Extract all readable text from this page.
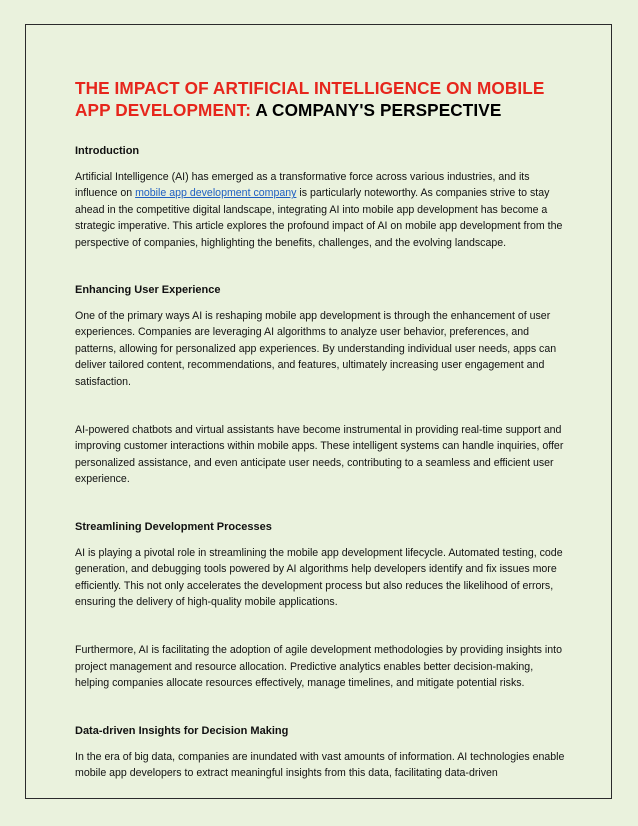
THE IMPACT OF ARTIFICIAL INTELLIGENCE ON MOBILE APP DEVELOPMENT: A COMPANY'S PERSPECTIVE
Introduction

Artificial Intelligence (AI) has emerged as a transformative force across various industries, and its influence on mobile app development company is particularly noteworthy. As companies strive to stay ahead in the competitive digital landscape, integrating AI into mobile app development has become a strategic imperative. This article explores the profound impact of AI on mobile app development from the perspective of companies, highlighting the benefits, challenges, and the evolving landscape.

Enhancing User Experience

One of the primary ways AI is reshaping mobile app development is through the enhancement of user experiences. Companies are leveraging AI algorithms to analyze user behavior, preferences, and patterns, allowing for personalized app experiences. By understanding individual user needs, apps can deliver tailored content, recommendations, and features, ultimately increasing user engagement and satisfaction.

AI-powered chatbots and virtual assistants have become instrumental in providing real-time support and improving customer interactions within mobile apps. These intelligent systems can handle inquiries, offer personalized assistance, and even anticipate user needs, contributing to a seamless and efficient user experience.

Streamlining Development Processes

AI is playing a pivotal role in streamlining the mobile app development lifecycle. Automated testing, code generation, and debugging tools powered by AI algorithms help developers identify and fix issues more efficiently. This not only accelerates the development process but also reduces the likelihood of errors, ensuring the delivery of high-quality mobile applications.

Furthermore, AI is facilitating the adoption of agile development methodologies by providing insights into project management and resource allocation. Predictive analytics enables better decision-making, helping companies allocate resources effectively, manage timelines, and mitigate potential risks.

Data-driven Insights for Decision Making

In the era of big data, companies are inundated with vast amounts of information. AI technologies enable mobile app developers to extract meaningful insights from this data, facilitating data-driven
